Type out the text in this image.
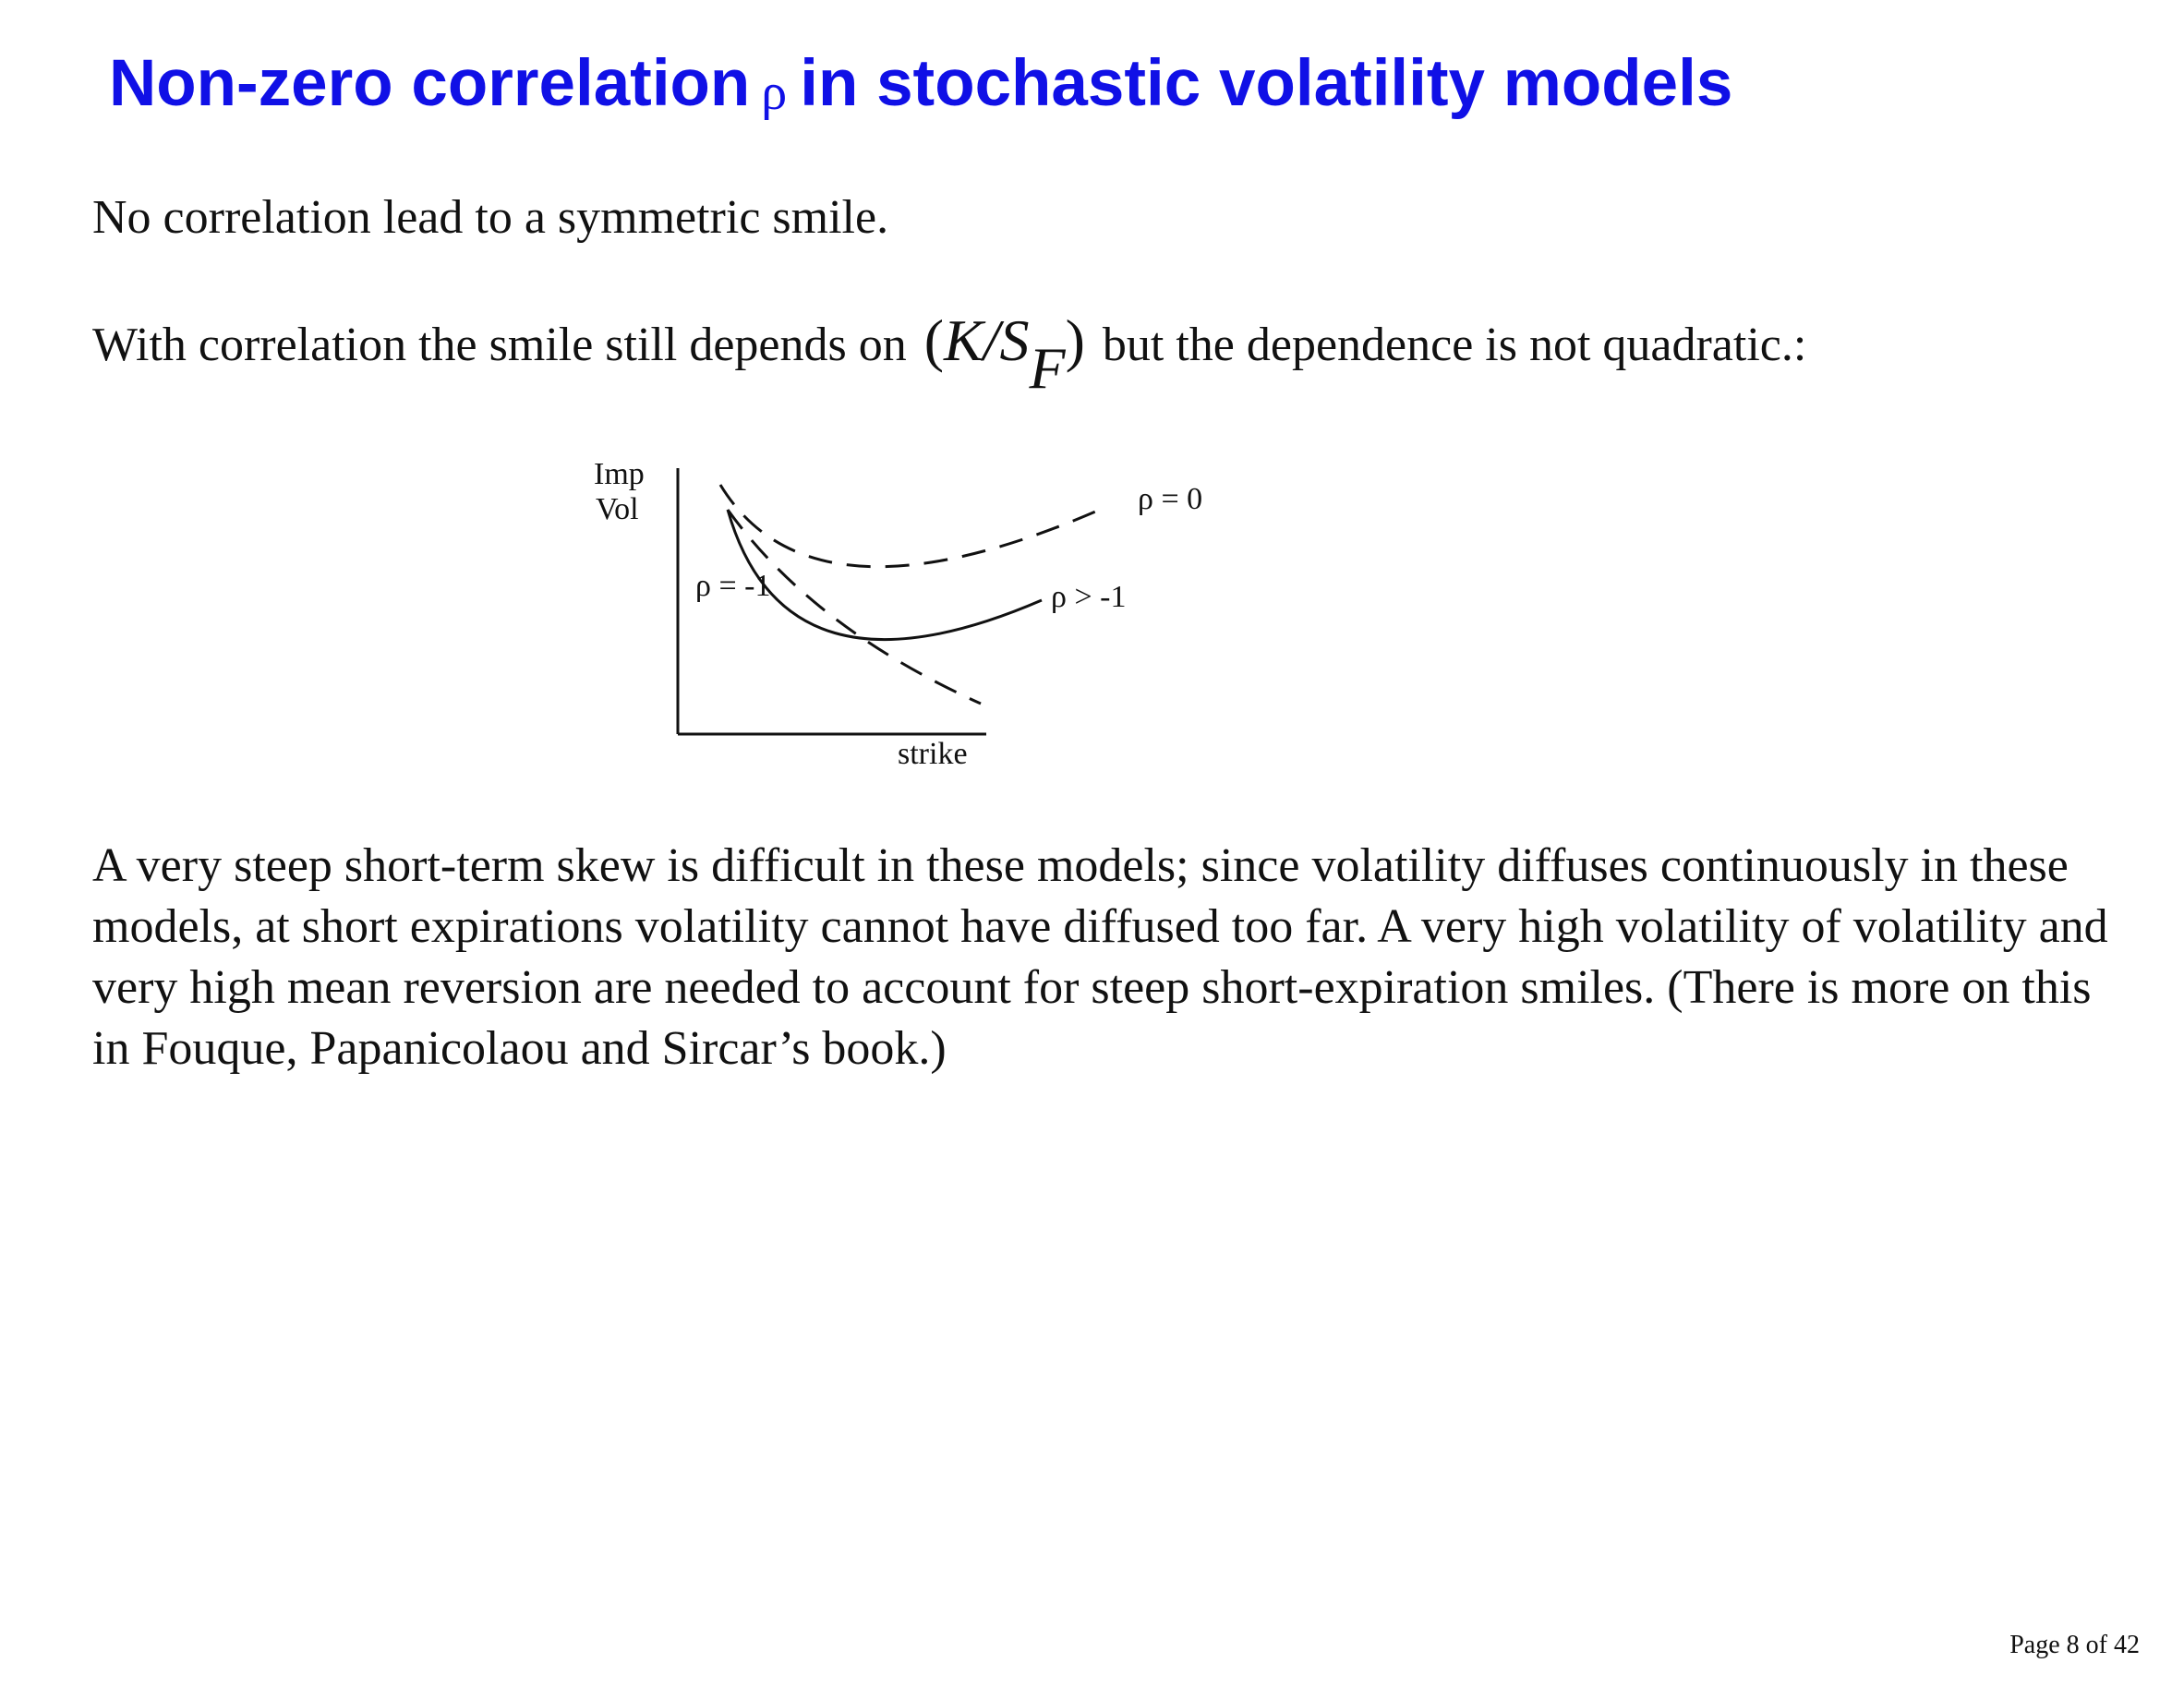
Non-zero correlation ρ in stochastic volatility models

No correlation lead to a symmetric smile.

With correlation the smile still depends on $(K/S_F)$ but the dependence is not quadratic.:

Imp
Vol
strike
ρ = 0
ρ = -1	ρ > -1

A very steep short-term skew is difficult in these models; since volatility diffuses continuously in these models, at short expirations volatility cannot have diffused too far. A very high volatility of volatility and very high mean reversion are needed to account for steep short-expiration smiles. (There is more on this in Fouque, Papanicolaou and Sircar’s book.)

Page 8 of 42
